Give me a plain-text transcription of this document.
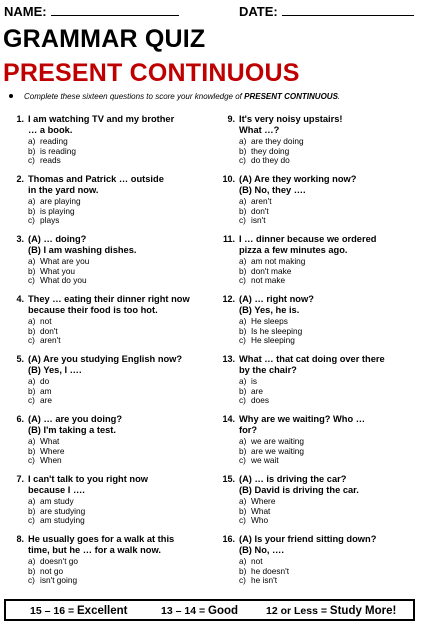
NAME:	DATE:
GRAMMAR QUIZ
PRESENT CONTINUOUS
Complete these sixteen questions to score your knowledge of PRESENT CONTINUOUS.
1. I am watching TV and my brother
… a book.
a) reading
b) is reading
c) reads
2. Thomas and Patrick … outside
in the yard now.
a) are playing
b) is playing
c) plays
3. (A) … doing?
(B) I am washing dishes.
a) What are you
b) What you
c) What do you
4. They … eating their dinner right now
because their food is too hot.
a) not
b) don't
c) aren't
5. (A) Are you studying English now?
(B) Yes, I ….
a) do
b) am
c) are
6. (A) … are you doing?
(B) I'm taking a test.
a) What
b) Where
c) When
7. I can't talk to you right now
because I ….
a) am study
b) are studying
c) am studying
8. He usually goes for a walk at this
time, but he … for a walk now.
a) doesn't go
b) not go
c) isn't going
9. It's very noisy upstairs!
What …?
a) are they doing
b) they doing
c) do they do
10. (A) Are they working now?
(B) No, they ….
a) aren't
b) don't
c) isn't
11. I … dinner because we ordered
pizza a few minutes ago.
a) am not making
b) don't make
c) not make
12. (A) … right now?
(B) Yes, he is.
a) He sleeps
b) Is he sleeping
c) He sleeping
13. What … that cat doing over there
by the chair?
a) is
b) are
c) does
14. Why are we waiting? Who …
for?
a) we are waiting
b) are we waiting
c) we wait
15. (A) … is driving the car?
(B) David is driving the car.
a) Where
b) What
c) Who
16. (A) Is your friend sitting down?
(B) No, ….
a) not
b) he doesn't
c) he isn't
15 – 16 = Excellent	13 – 14 = Good	12 or Less = Study More!
